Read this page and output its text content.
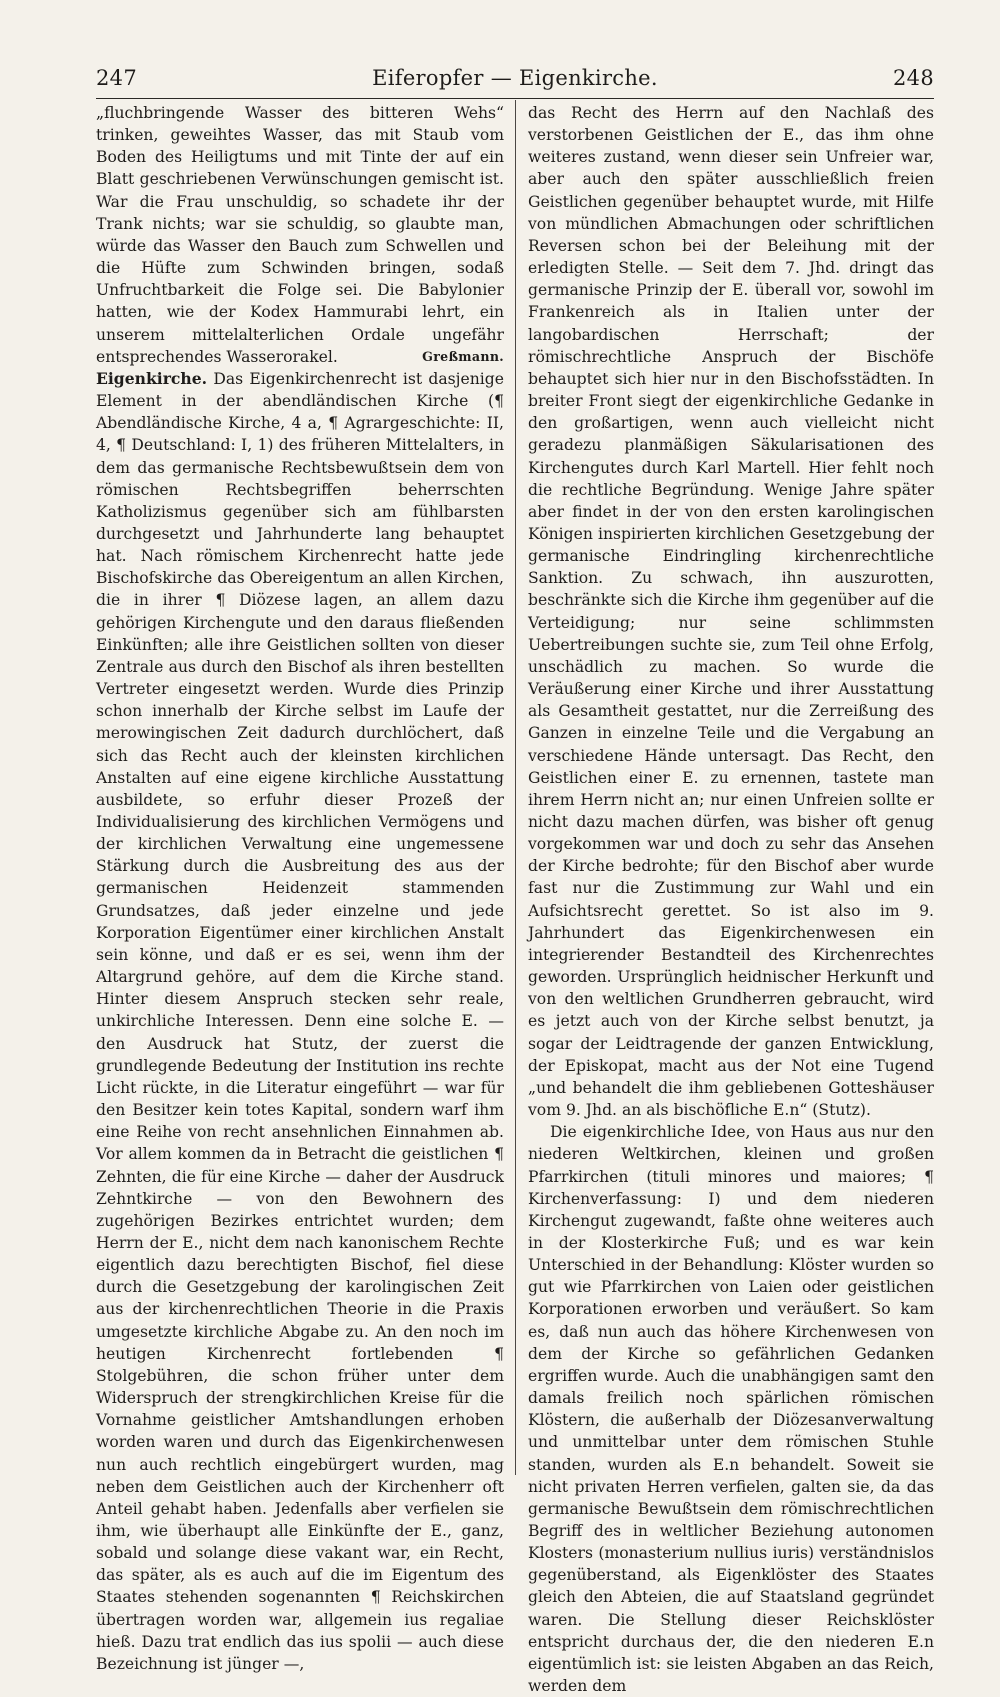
247	Eiferopfer — Eigenkirche.	248

„fluchbringende Wasser des bitteren Wehs“ trinken, geweihtes Wasser, das mit Staub vom Boden des Heiligtums und mit Tinte der auf ein Blatt geschriebenen Verwünschungen gemischt ist. War die Frau unschuldig, so schadete ihr der Trank nichts; war sie schuldig, so glaubte man, würde das Wasser den Bauch zum Schwellen und die Hüfte zum Schwinden bringen, sodaß Unfruchtbarkeit die Folge sei. Die Babylonier hatten, wie der Kodex Hammurabi lehrt, ein unserem mittelalterlichen Ordale ungefähr entsprechendes Wasserorakel.	Greßmann.

Eigenkirche. Das Eigenkirchenrecht ist dasjenige Element in der abendländischen Kirche (¶ Abendländische Kirche, 4 a, ¶ Agrargeschichte: II, 4, ¶ Deutschland: I, 1) des früheren Mittelalters, in dem das germanische Rechtsbewußtsein dem von römischen Rechtsbegriffen beherrschten Katholizismus gegenüber sich am fühlbarsten durchgesetzt und Jahrhunderte lang behauptet hat. Nach römischem Kirchenrecht hatte jede Bischofskirche das Obereigentum an allen Kirchen, die in ihrer ¶ Diözese lagen, an allem dazu gehörigen Kirchengute und den daraus fließenden Einkünften; alle ihre Geistlichen sollten von dieser Zentrale aus durch den Bischof als ihren bestellten Vertreter eingesetzt werden. Wurde dies Prinzip schon innerhalb der Kirche selbst im Laufe der merowingischen Zeit dadurch durchlöchert, daß sich das Recht auch der kleinsten kirchlichen Anstalten auf eine eigene kirchliche Ausstattung ausbildete, so erfuhr dieser Prozeß der Individualisierung des kirchlichen Vermögens und der kirchlichen Verwaltung eine ungemessene Stärkung durch die Ausbreitung des aus der germanischen Heidenzeit stammenden Grundsatzes, daß jeder einzelne und jede Korporation Eigentümer einer kirchlichen Anstalt sein könne, und daß er es sei, wenn ihm der Altargrund gehöre, auf dem die Kirche stand. Hinter diesem Anspruch stecken sehr reale, unkirchliche Interessen. Denn eine solche E. — den Ausdruck hat Stutz, der zuerst die grundlegende Bedeutung der Institution ins rechte Licht rückte, in die Literatur eingeführt — war für den Besitzer kein totes Kapital, sondern warf ihm eine Reihe von recht ansehnlichen Einnahmen ab. Vor allem kommen da in Betracht die geistlichen ¶ Zehnten, die für eine Kirche — daher der Ausdruck Zehntkirche — von den Bewohnern des zugehörigen Bezirkes entrichtet wurden; dem Herrn der E., nicht dem nach kanonischem Rechte eigentlich dazu berechtigten Bischof, fiel diese durch die Gesetzgebung der karolingischen Zeit aus der kirchenrechtlichen Theorie in die Praxis umgesetzte kirchliche Abgabe zu. An den noch im heutigen Kirchenrecht fortlebenden ¶ Stolgebühren, die schon früher unter dem Widerspruch der strengkirchlichen Kreise für die Vornahme geistlicher Amtshandlungen erhoben worden waren und durch das Eigenkirchenwesen nun auch rechtlich eingebürgert wurden, mag neben dem Geistlichen auch der Kirchenherr oft Anteil gehabt haben. Jedenfalls aber verfielen sie ihm, wie überhaupt alle Einkünfte der E., ganz, sobald und solange diese vakant war, ein Recht, das später, als es auch auf die im Eigentum des Staates stehenden sogenannten ¶ Reichskirchen übertragen worden war, allgemein ius regaliae hieß. Dazu trat endlich das ius spolii — auch diese Bezeichnung ist jünger —,

das Recht des Herrn auf den Nachlaß des verstorbenen Geistlichen der E., das ihm ohne weiteres zustand, wenn dieser sein Unfreier war, aber auch den später ausschließlich freien Geistlichen gegenüber behauptet wurde, mit Hilfe von mündlichen Abmachungen oder schriftlichen Reversen schon bei der Beleihung mit der erledigten Stelle. — Seit dem 7. Jhd. dringt das germanische Prinzip der E. überall vor, sowohl im Frankenreich als in Italien unter der langobardischen Herrschaft; der römischrechtliche Anspruch der Bischöfe behauptet sich hier nur in den Bischofsstädten. In breiter Front siegt der eigenkirchliche Gedanke in den großartigen, wenn auch vielleicht nicht geradezu planmäßigen Säkularisationen des Kirchengutes durch Karl Martell. Hier fehlt noch die rechtliche Begründung. Wenige Jahre später aber findet in der von den ersten karolingischen Königen inspirierten kirchlichen Gesetzgebung der germanische Eindringling kirchenrechtliche Sanktion. Zu schwach, ihn auszurotten, beschränkte sich die Kirche ihm gegenüber auf die Verteidigung; nur seine schlimmsten Uebertreibungen suchte sie, zum Teil ohne Erfolg, unschädlich zu machen. So wurde die Veräußerung einer Kirche und ihrer Ausstattung als Gesamtheit gestattet, nur die Zerreißung des Ganzen in einzelne Teile und die Vergabung an verschiedene Hände untersagt. Das Recht, den Geistlichen einer E. zu ernennen, tastete man ihrem Herrn nicht an; nur einen Unfreien sollte er nicht dazu machen dürfen, was bisher oft genug vorgekommen war und doch zu sehr das Ansehen der Kirche bedrohte; für den Bischof aber wurde fast nur die Zustimmung zur Wahl und ein Aufsichtsrecht gerettet. So ist also im 9. Jahrhundert das Eigenkirchenwesen ein integrierender Bestandteil des Kirchenrechtes geworden. Ursprünglich heidnischer Herkunft und von den weltlichen Grundherren gebraucht, wird es jetzt auch von der Kirche selbst benutzt, ja sogar der Leidtragende der ganzen Entwicklung, der Episkopat, macht aus der Not eine Tugend „und behandelt die ihm gebliebenen Gotteshäuser vom 9. Jhd. an als bischöfliche E.n“ (Stutz).

Die eigenkirchliche Idee, von Haus aus nur den niederen Weltkirchen, kleinen und großen Pfarrkirchen (tituli minores und maiores; ¶ Kirchenverfassung: I) und dem niederen Kirchengut zugewandt, faßte ohne weiteres auch in der Klosterkirche Fuß; und es war kein Unterschied in der Behandlung: Klöster wurden so gut wie Pfarrkirchen von Laien oder geistlichen Korporationen erworben und veräußert. So kam es, daß nun auch das höhere Kirchenwesen von dem der Kirche so gefährlichen Gedanken ergriffen wurde. Auch die unabhängigen samt den damals freilich noch spärlichen römischen Klöstern, die außerhalb der Diözesanverwaltung und unmittelbar unter dem römischen Stuhle standen, wurden als E.n behandelt. Soweit sie nicht privaten Herren verfielen, galten sie, da das germanische Bewußtsein dem römischrechtlichen Begriff des in weltlicher Beziehung autonomen Klosters (monasterium nullius iuris) verständnislos gegenüberstand, als Eigenklöster des Staates gleich den Abteien, die auf Staatsland gegründet waren. Die Stellung dieser Reichsklöster entspricht durchaus der, die den niederen E.n eigentümlich ist: sie leisten Abgaben an das Reich, werden dem
